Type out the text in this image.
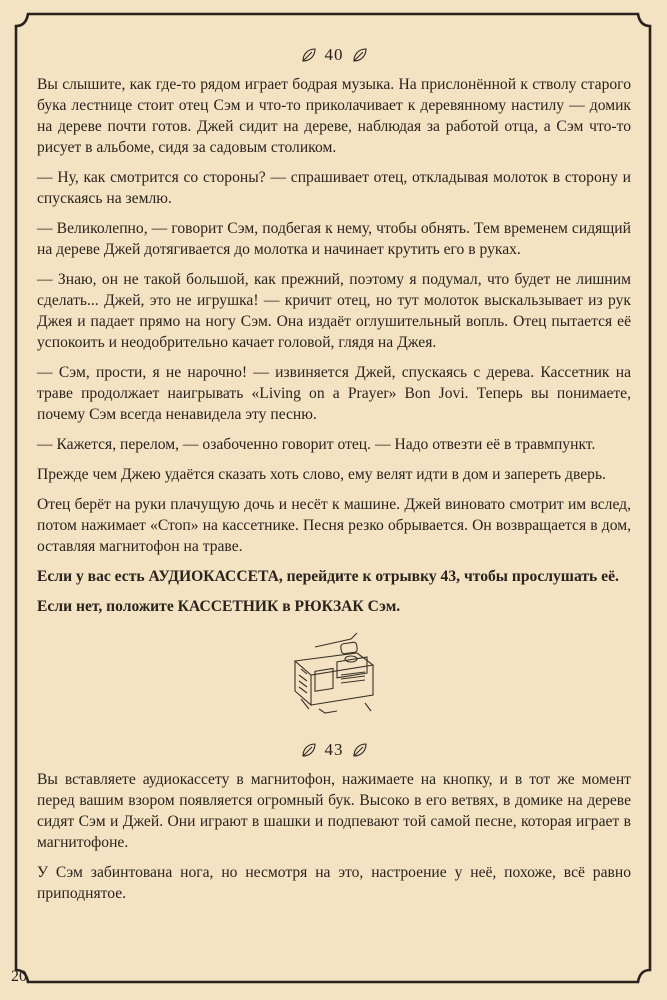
40

Вы слышите, как где-то рядом играет бодрая музыка. На прислонённой к стволу старого бука лестнице стоит отец Сэм и что-то приколачивает к деревянному настилу — домик на дереве почти готов. Джей сидит на дереве, наблюдая за работой отца, а Сэм что-то рисует в альбоме, сидя за садовым столиком.

— Ну, как смотрится со стороны? — спрашивает отец, откладывая молоток в сторону и спускаясь на землю.

— Великолепно, — говорит Сэм, подбегая к нему, чтобы обнять. Тем временем сидящий на дереве Джей дотягивается до молотка и начинает крутить его в руках.

— Знаю, он не такой большой, как прежний, поэтому я подумал, что будет не лишним сделать... Джей, это не игрушка! — кричит отец, но тут молоток выскальзывает из рук Джея и падает прямо на ногу Сэм. Она издаёт оглушительный вопль. Отец пытается её успокоить и неодобрительно качает головой, глядя на Джея.

— Сэм, прости, я не нарочно! — извиняется Джей, спускаясь с дерева. Кассетник на траве продолжает наигрывать «Living on a Prayer» Bon Jovi. Теперь вы понимаете, почему Сэм всегда ненавидела эту песню.

— Кажется, перелом, — озабоченно говорит отец. — Надо отвезти её в травмпункт.

Прежде чем Джею удаётся сказать хоть слово, ему велят идти в дом и запереть дверь.

Отец берёт на руки плачущую дочь и несёт к машине. Джей виновато смотрит им вслед, потом нажимает «Стоп» на кассетнике. Песня резко обрывается. Он возвращается в дом, оставляя магнитофон на траве.

Если у вас есть АУДИОКАССЕТА, перейдите к отрывку 43, чтобы прослушать её.

Если нет, положите КАССЕТНИК в РЮКЗАК Сэм.

43

Вы вставляете аудиокассету в магнитофон, нажимаете на кнопку, и в тот же момент перед вашим взором появляется огромный бук. Высоко в его ветвях, в домике на дереве сидят Сэм и Джей. Они играют в шашки и подпевают той самой песне, которая играет в магнитофоне.

У Сэм забинтована нога, но несмотря на это, настроение у неё, похоже, всё равно приподнятое.

20
